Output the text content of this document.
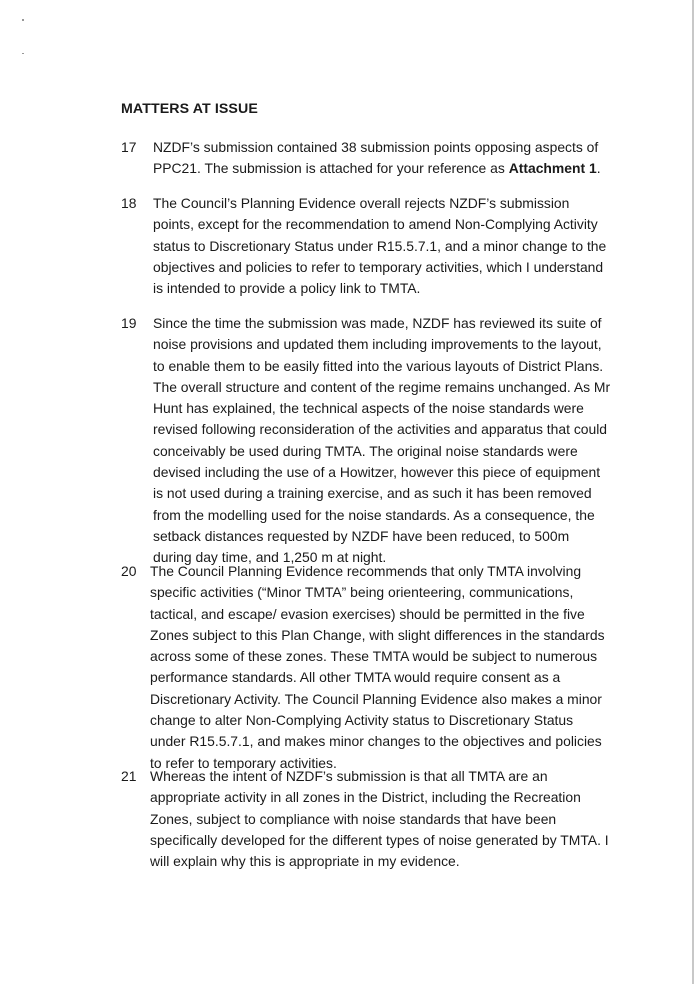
MATTERS AT ISSUE
17	NZDF’s submission contained 38 submission points opposing aspects of PPC21. The submission is attached for your reference as Attachment 1.
18	The Council’s Planning Evidence overall rejects NZDF’s submission points, except for the recommendation to amend Non-Complying Activity status to Discretionary Status under R15.5.7.1, and a minor change to the objectives and policies to refer to temporary activities, which I understand is intended to provide a policy link to TMTA.
19	Since the time the submission was made, NZDF has reviewed its suite of noise provisions and updated them including improvements to the layout, to enable them to be easily fitted into the various layouts of District Plans. The overall structure and content of the regime remains unchanged. As Mr Hunt has explained, the technical aspects of the noise standards were revised following reconsideration of the activities and apparatus that could conceivably be used during TMTA. The original noise standards were devised including the use of a Howitzer, however this piece of equipment is not used during a training exercise, and as such it has been removed from the modelling used for the noise standards. As a consequence, the setback distances requested by NZDF have been reduced, to 500m during day time, and 1,250 m at night.
20 The Council Planning Evidence recommends that only TMTA involving specific activities (“Minor TMTA” being orienteering, communications, tactical, and escape/ evasion exercises) should be permitted in the five Zones subject to this Plan Change, with slight differences in the standards across some of these zones. These TMTA would be subject to numerous performance standards. All other TMTA would require consent as a Discretionary Activity. The Council Planning Evidence also makes a minor change to alter Non-Complying Activity status to Discretionary Status under R15.5.7.1, and makes minor changes to the objectives and policies to refer to temporary activities.
21 Whereas the intent of NZDF’s submission is that all TMTA are an appropriate activity in all zones in the District, including the Recreation Zones, subject to compliance with noise standards that have been specifically developed for the different types of noise generated by TMTA. I will explain why this is appropriate in my evidence.
